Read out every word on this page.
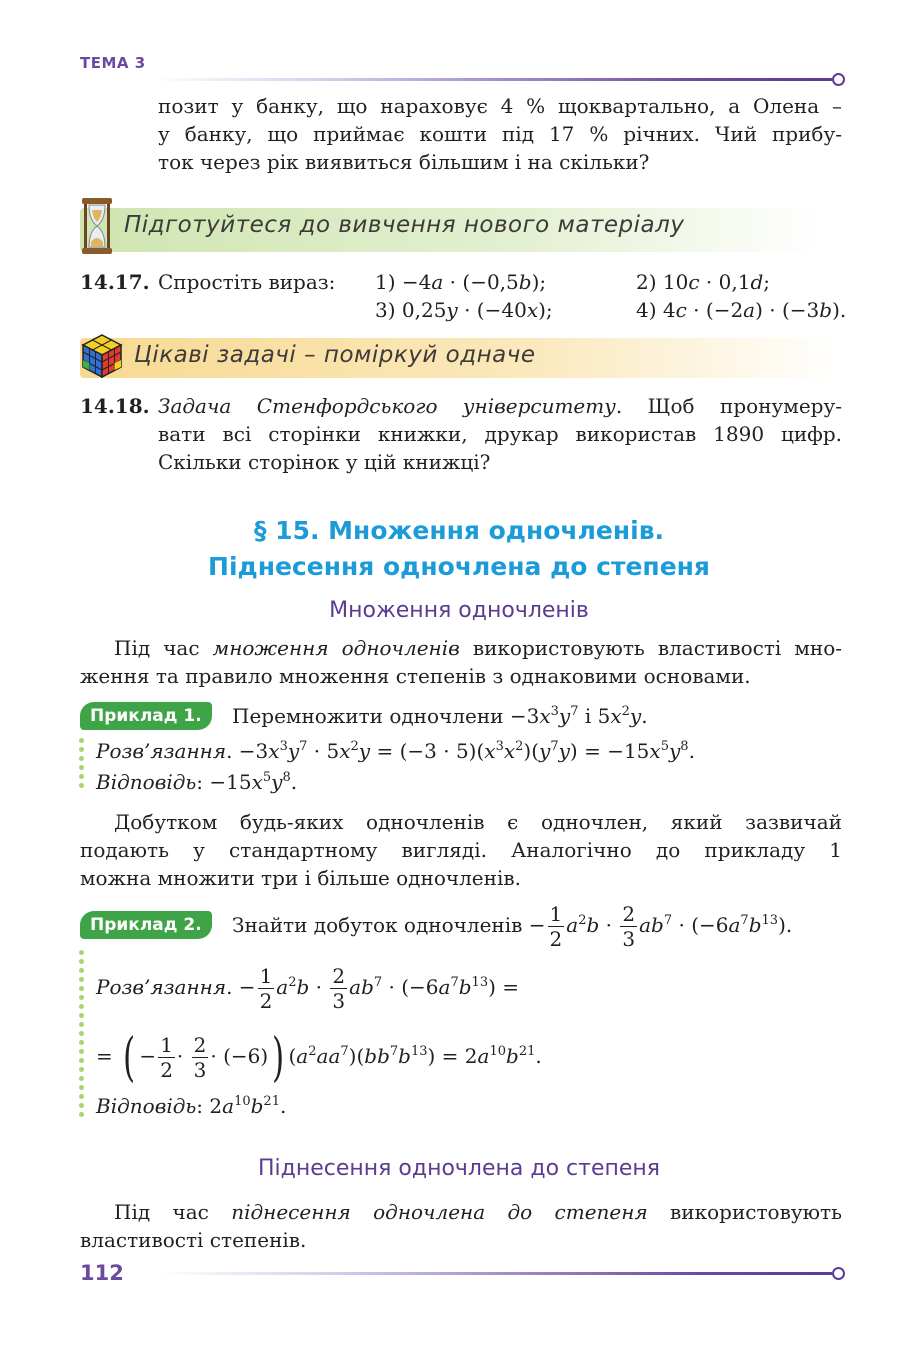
ТЕМА 3
позит у банку, що нараховує 4 % щоквартально, а Олена –
у банку, що приймає кошти під 17 % річних. Чий прибу-
ток через рік виявиться більшим і на скільки?
Підготуйтеся до вивчення нового матеріалу
14.17. Спростіть вираз: 1) −4a · (−0,5b);	2) 10c · 0,1d;
3) 0,25y · (−40x);	4) 4c · (−2a) · (−3b).
Цікаві задачі – поміркуй одначе
14.18. Задача Стенфордського університету. Щоб пронумеру-
вати всі сторінки книжки, друкар використав 1890 цифр.
Скільки сторінок у цій книжці?
§ 15. Множення одночленів.
Піднесення одночлена до степеня
Множення одночленів
Під час множення одночленів використовують властивості мно-
ження та правило множення степенів з однаковими основами.
Приклад 1.	Перемножити одночлени $-3x^3y^7$ і $5x^2y$.
Розв’язання. $-3x^3y^7 \cdot 5x^2y = (-3 \cdot 5)(x^3x^2)(y^7y) = -15x^5y^8$.
Відповідь: $-15x^5y^8$.
Добутком будь-яких одночленів є одночлен, який зазвичай
подають у стандартному вигляді. Аналогічно до прикладу 1
можна множити три і більше одночленів.
Приклад 2.	Знайти добуток одночленів − $\frac{1}{2} a^2b \cdot \frac{2}{3} ab^7 \cdot (-6a^7b^{13})$.
Розв’язання. − $\frac{1}{2} a^2b \cdot \frac{2}{3} ab^7 \cdot (-6a^7b^{13})$ =
= ( − $\frac{1}{2} \cdot \frac{2}{3} \cdot (-6)$) $(a^2aa^7)(bb^7b^{13}) = 2a^{10}b^{21}$.
Відповідь: $2a^{10}b^{21}$.
Піднесення одночлена до степеня
Під час піднесення одночлена до степеня використовують
властивості степенів.
112
